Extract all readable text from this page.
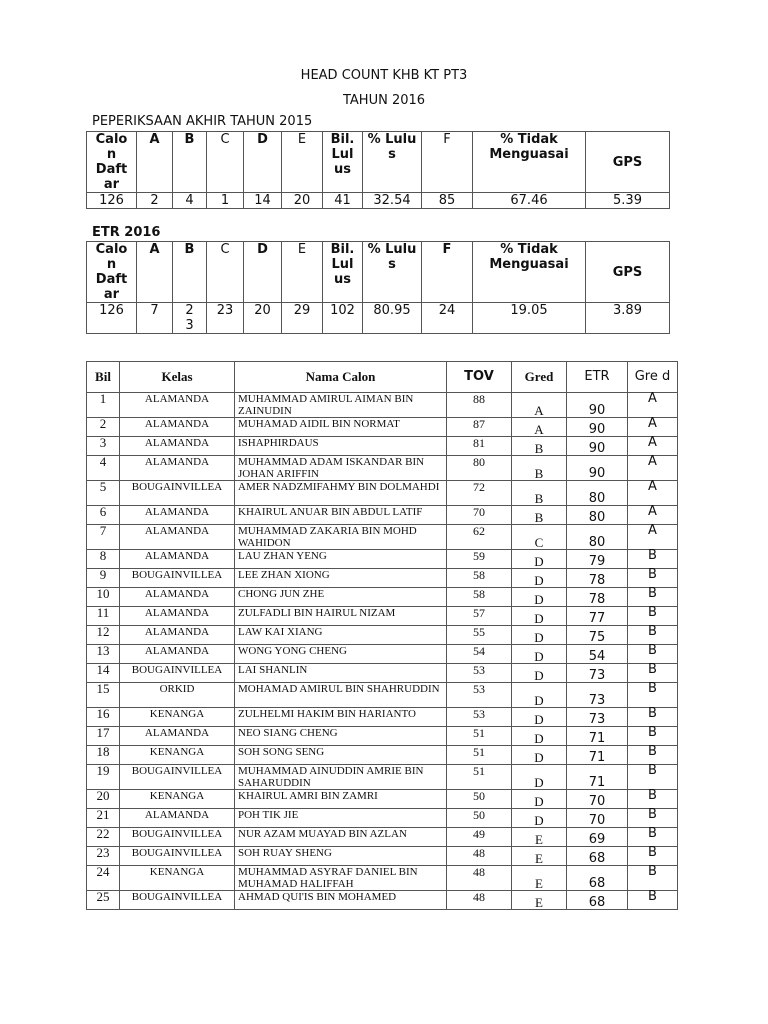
HEAD COUNT KHB KT PT3
TAHUN 2016
PEPERIKSAAN AKHIR TAHUN 2015
Calo n Daft ar	A	B	C	D	E	Bil. Lul us	% Lulu s	F	% Tidak Menguasai	GPS
126	2	4	1	14	20	41	32.54	85	67.46	5.39
ETR 2016
Calo n Daft ar	A	B	C	D	E	Bil. Lul us	% Lulu s	F	% Tidak Menguasai	GPS
126	7	2 3	23	20	29	102	80.95	24	19.05	3.89
Bil	Kelas	Nama Calon	TOV	Gred	ETR	Gre d
1	ALAMANDA	MUHAMMAD AMIRUL AIMAN BIN ZAINUDIN	88	A	90	A
2	ALAMANDA	MUHAMAD AIDIL BIN NORMAT	87	A	90	A
3	ALAMANDA	ISHAPHIRDAUS	81	B	90	A
4	ALAMANDA	MUHAMMAD ADAM ISKANDAR BIN JOHAN ARIFFIN	80	B	90	A
5	BOUGAINVILLEA	AMER NADZMIFAHMY BIN DOLMAHDI	72	B	80	A
6	ALAMANDA	KHAIRUL ANUAR BIN ABDUL LATIF	70	B	80	A
7	ALAMANDA	MUHAMMAD ZAKARIA BIN MOHD WAHIDON	62	C	80	A
8	ALAMANDA	LAU ZHAN YENG	59	D	79	B
9	BOUGAINVILLEA	LEE ZHAN XIONG	58	D	78	B
10	ALAMANDA	CHONG JUN ZHE	58	D	78	B
11	ALAMANDA	ZULFADLI BIN HAIRUL NIZAM	57	D	77	B
12	ALAMANDA	LAW KAI XIANG	55	D	75	B
13	ALAMANDA	WONG YONG CHENG	54	D	54	B
14	BOUGAINVILLEA	LAI SHANLIN	53	D	73	B
15	ORKID	MOHAMAD AMIRUL BIN SHAHRUDDIN	53	D	73	B
16	KENANGA	ZULHELMI HAKIM BIN HARIANTO	53	D	73	B
17	ALAMANDA	NEO SIANG CHENG	51	D	71	B
18	KENANGA	SOH SONG SENG	51	D	71	B
19	BOUGAINVILLEA	MUHAMMAD AINUDDIN AMRIE BIN SAHARUDDIN	51	D	71	B
20	KENANGA	KHAIRUL AMRI BIN ZAMRI	50	D	70	B
21	ALAMANDA	POH TIK JIE	50	D	70	B
22	BOUGAINVILLEA	NUR AZAM MUAYAD BIN AZLAN	49	E	69	B
23	BOUGAINVILLEA	SOH RUAY SHENG	48	E	68	B
24	KENANGA	MUHAMMAD ASYRAF DANIEL BIN MUHAMAD HALIFFAH	48	E	68	B
25	BOUGAINVILLEA	AHMAD QUI'IS BIN MOHAMED	48	E	68	B
